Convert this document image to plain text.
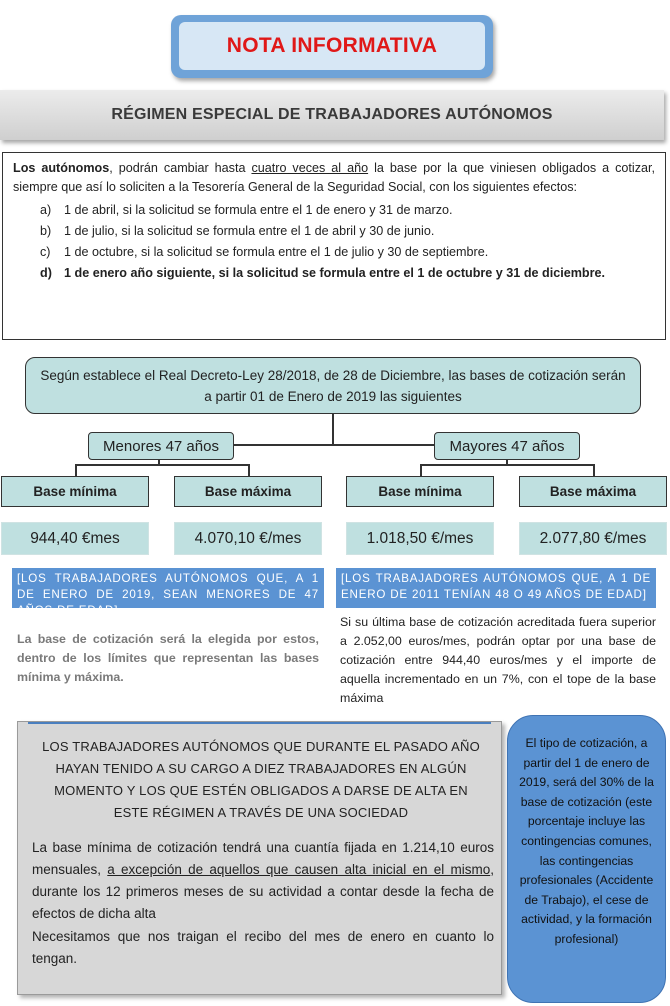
NOTA INFORMATIVA
RÉGIMEN ESPECIAL DE TRABAJADORES AUTÓNOMOS

Los autónomos, podrán cambiar hasta cuatro veces al año la base por la que viniesen obligados a cotizar, siempre que así lo soliciten a la Tesorería General de la Seguridad Social, con los siguientes efectos:

a)	1 de abril, si la solicitud se formula entre el 1 de enero y 31 de marzo.
b)	1 de julio, si la solicitud se formula entre el 1 de abril y 30 de junio.
c)	1 de octubre, si la solicitud se formula entre el 1 de julio y 30 de septiembre.
d) 1 de enero año siguiente, si la solicitud se formula entre el 1 de octubre y 31 de diciembre.
Según establece el Real Decreto-Ley 28/2018, de 28 de Diciembre, las bases de cotización serán a partir 01 de Enero de 2019 las siguientes
Menores 47 años	Mayores 47 años
Base mínima	Base máxima	Base mínima	Base máxima
944,40 €mes	4.070,10 €/mes	1.018,50 €/mes	2.077,80 €/mes
[LOS TRABAJADORES AUTÓNOMOS QUE, A 1 DE ENERO DE 2019, SEAN MENORES DE 47 AÑOS DE EDAD]
[LOS TRABAJADORES AUTÓNOMOS QUE, A 1 DE ENERO DE 2011 TENÍAN 48 O 49 AÑOS DE EDAD]
La base de cotización será la elegida por estos, dentro de los límites que representan las bases mínima y máxima.
Si su última base de cotización acreditada fuera superior a 2.052,00 euros/mes, podrán optar por una base de cotización entre 944,40 euros/mes y el importe de aquella incrementado en un 7%, con el tope de la base máxima
LOS TRABAJADORES AUTÓNOMOS QUE DURANTE EL PASADO AÑO HAYAN TENIDO A SU CARGO A DIEZ TRABAJADORES EN ALGÚN MOMENTO Y LOS QUE ESTÉN OBLIGADOS A DARSE DE ALTA EN ESTE RÉGIMEN A TRAVÉS DE UNA SOCIEDAD
La base mínima de cotización tendrá una cuantía fijada en 1.214,10 euros mensuales, a excepción de aquellos que causen alta inicial en el mismo, durante los 12 primeros meses de su actividad a contar desde la fecha de efectos de dicha alta
Necesitamos que nos traigan el recibo del mes de enero en cuanto lo tengan.
El tipo de cotización, a partir del 1 de enero de 2019, será del 30% de la base de cotización (este porcentaje incluye las contingencias comunes, las contingencias profesionales (Accidente de Trabajo), el cese de actividad, y la formación profesional)
